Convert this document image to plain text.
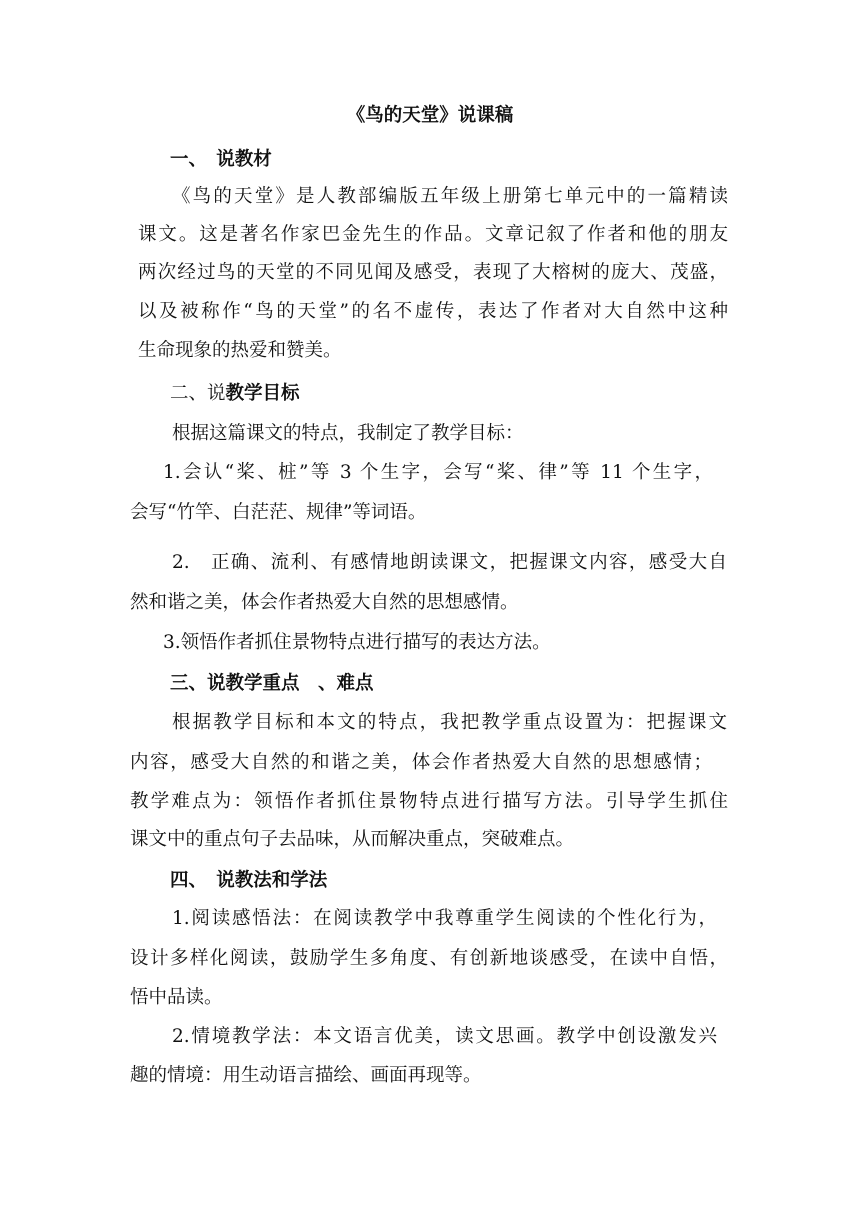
《鸟的天堂》说课稿
一、　说教材
《鸟的天堂》是人教部编版五年级上册第七单元中的一篇精读
课文。这是著名作家巴金先生的作品。文章记叙了作者和他的朋友
两次经过鸟的天堂的不同见闻及感受，表现了大榕树的庞大、茂盛，
以及被称作“鸟的天堂”的名不虚传，表达了作者对大自然中这种
生命现象的热爱和赞美。
二、说教学目标
根据这篇课文的特点，我制定了教学目标：
1.会认“桨、桩”等 3 个生字，会写“桨、律”等 11 个生字，
会写“竹竿、白茫茫、规律”等词语。
2.　正确、流利、有感情地朗读课文，把握课文内容，感受大自
然和谐之美，体会作者热爱大自然的思想感情。
3.领悟作者抓住景物特点进行描写的表达方法。
三、说教学重点　、难点
根据教学目标和本文的特点，我把教学重点设置为：把握课文
内容，感受大自然的和谐之美，体会作者热爱大自然的思想感情；
教学难点为：领悟作者抓住景物特点进行描写方法。引导学生抓住
课文中的重点句子去品味，从而解决重点，突破难点。
四、　说教法和学法
1.阅读感悟法：在阅读教学中我尊重学生阅读的个性化行为，
设计多样化阅读，鼓励学生多角度、有创新地谈感受，在读中自悟，
悟中品读。
2.情境教学法：本文语言优美，读文思画。教学中创设激发兴
趣的情境：用生动语言描绘、画面再现等。
